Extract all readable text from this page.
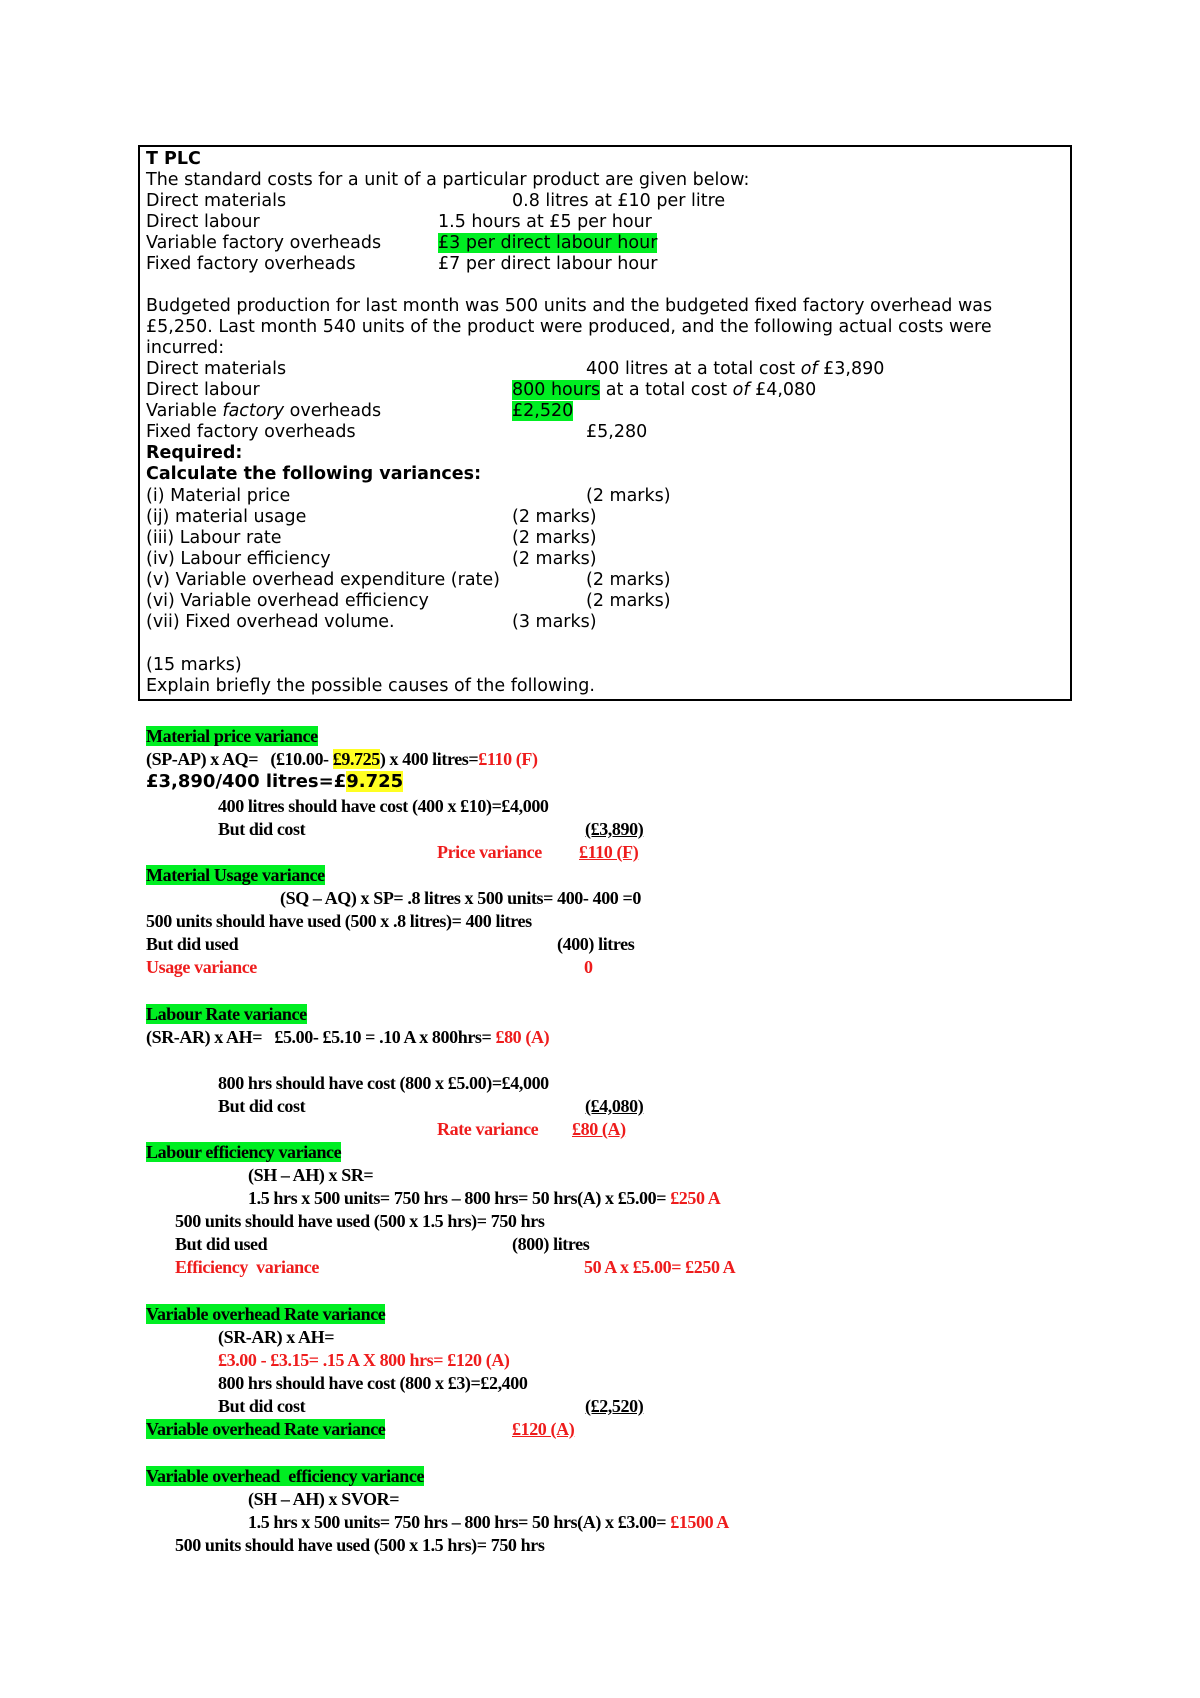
T PLC
The standard costs for a unit of a particular product are given below:
Direct materials	0.8 litres at £10 per litre
Direct labour	1.5 hours at £5 per hour
Variable factory overheads	£3 per direct labour hour
Fixed factory overheads	£7 per direct labour hour
Budgeted production for last month was 500 units and the budgeted fixed factory overhead was
£5,250. Last month 540 units of the product were produced, and the following actual costs were
incurred:
Direct materials	400 litres at a total cost of £3,890
Direct labour	800 hours at a total cost of £4,080
Variable factory overheads	£2,520
Fixed factory overheads	£5,280
Required:
Calculate the following variances:
(i) Material price	(2 marks)
(ij) material usage	(2 marks)
(iii) Labour rate	(2 marks)
(iv) Labour efficiency	(2 marks)
(v) Variable overhead expenditure (rate)	(2 marks)
(vi) Variable overhead efficiency	(2 marks)
(vii) Fixed overhead volume.	(3 marks)
(15 marks)
Explain briefly the possible causes of the following.
Material price variance
(SP-AP) x AQ=   (£10.00- £9.725) x 400 litres=£110 (F)
£3,890/400 litres=£9.725
400 litres should have cost (400 x £10)=£4,000
But did cost	(£3,890)
Price variance £110 (F)
Material Usage variance
(SQ – AQ) x SP= .8 litres x 500 units= 400- 400 =0
500 units should have used (500 x .8 litres)= 400 litres
But did used	(400) litres
Usage variance	0
Labour Rate variance
(SR-AR) x AH=   £5.00- £5.10 = .10 A x 800hrs= £80 (A)
800 hrs should have cost (800 x £5.00)=£4,000
But did cost	(£4,080)
Rate variance £80 (A)
Labour efficiency variance
(SH – AH) x SR=
1.5 hrs x 500 units= 750 hrs – 800 hrs= 50 hrs(A) x £5.00= £250 A
500 units should have used (500 x 1.5 hrs)= 750 hrs
But did used	(800) litres
Efficiency  variance	50 A x £5.00= £250 A
Variable overhead Rate variance
(SR-AR) x AH=
£3.00 - £3.15= .15 A X 800 hrs= £120 (A)
800 hrs should have cost (800 x £3)=£2,400
But did cost	(£2,520)
Variable overhead Rate variance	£120 (A)
Variable overhead  efficiency variance
(SH – AH) x SVOR=
1.5 hrs x 500 units= 750 hrs – 800 hrs= 50 hrs(A) x £3.00= £1500 A
500 units should have used (500 x 1.5 hrs)= 750 hrs
